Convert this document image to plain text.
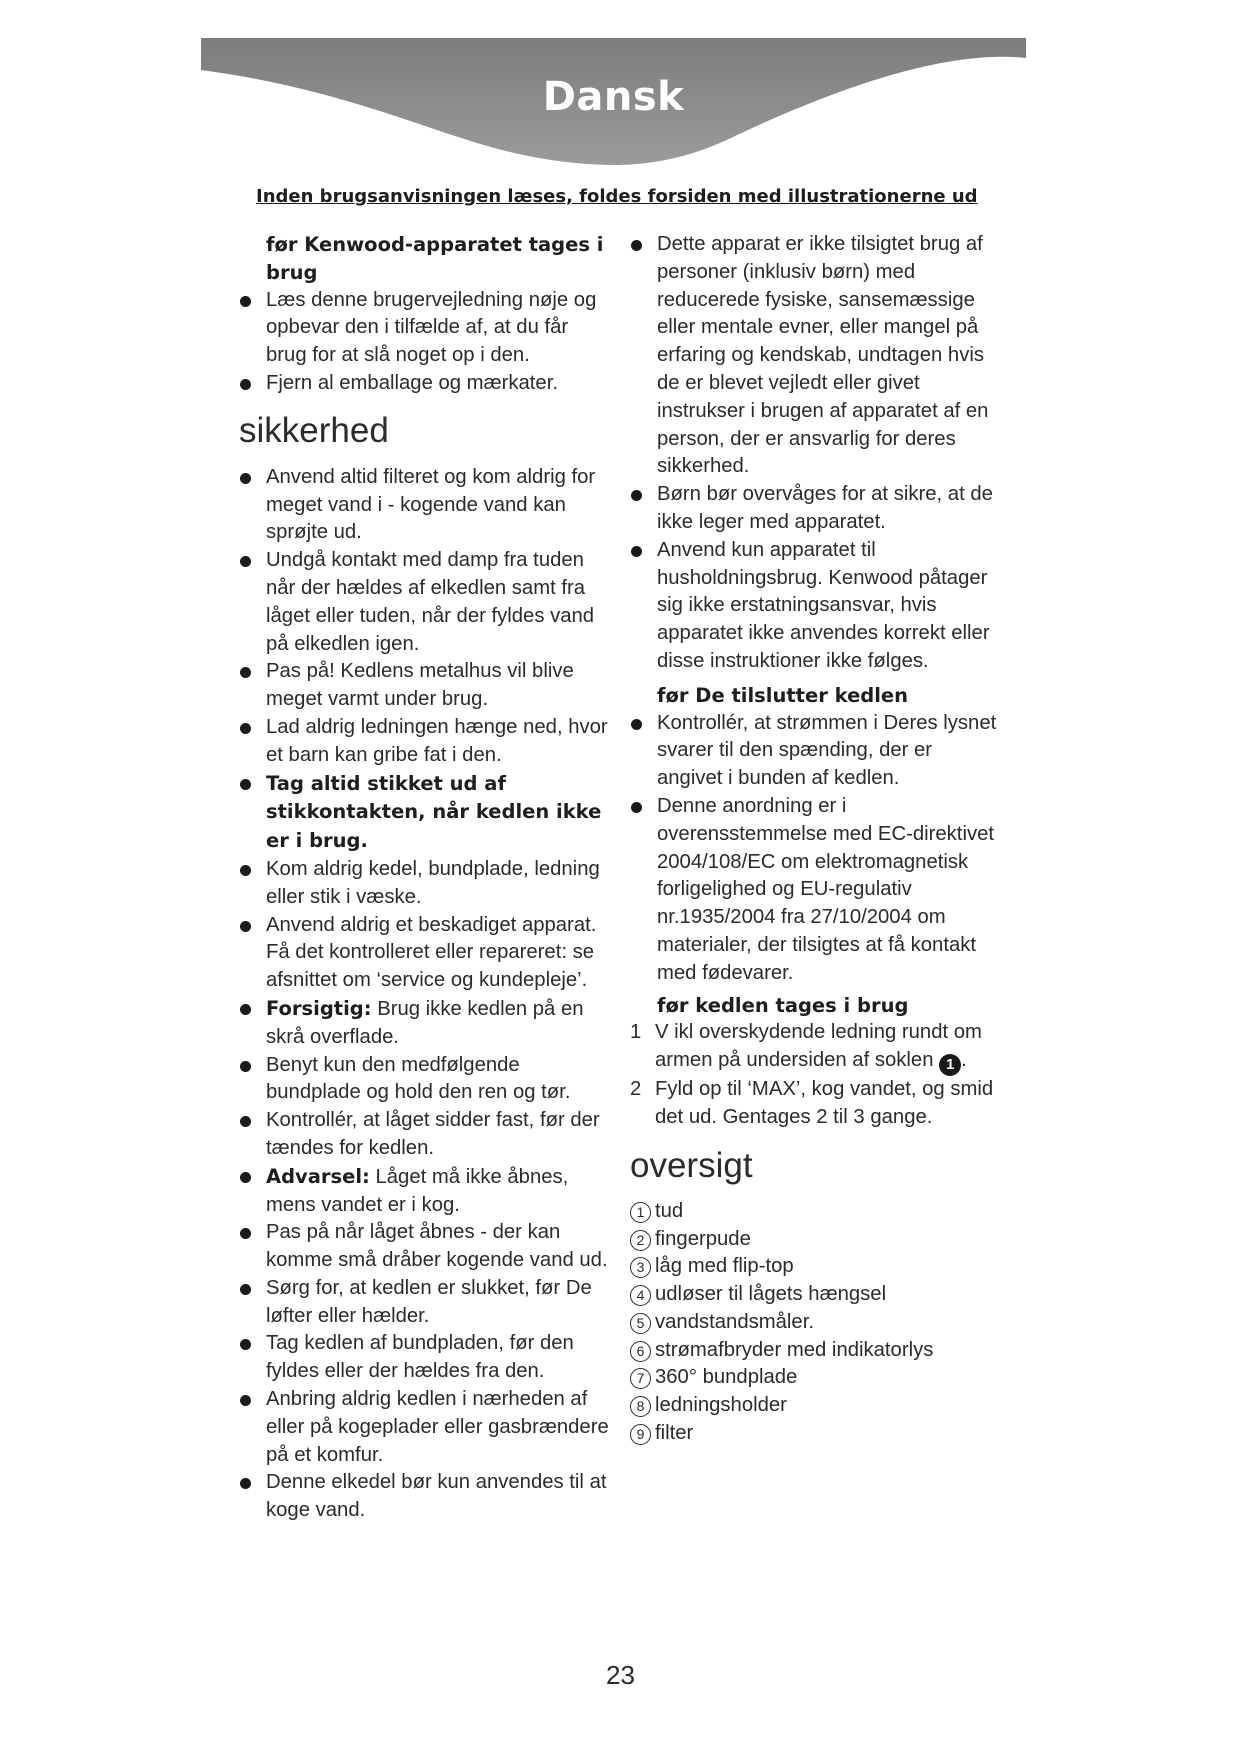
Dansk
Inden brugsanvisningen læses, foldes forsiden med illustrationerne ud

før Kenwood-apparatet tages i brug

Læs denne brugervejledning nøje og opbevar den i tilfælde af, at du får brug for at slå noget op i den.
Fjern al emballage og mærkater.
sikkerhed
Anvend altid filteret og kom aldrig for meget vand i - kogende vand kan sprøjte ud.
Undgå kontakt med damp fra tuden når der hældes af elkedlen samt fra låget eller tuden, når der fyldes vand på elkedlen igen.
Pas på! Kedlens metalhus vil blive meget varmt under brug.
Lad aldrig ledningen hænge ned, hvor et barn kan gribe fat i den.
Tag altid stikket ud af stikkontakten, når kedlen ikke er i brug.
Kom aldrig kedel, bundplade, ledning eller stik i væske.
Anvend aldrig et beskadiget apparat. Få det kontrolleret eller repareret: se afsnittet om ‘service og kundepleje’.
Forsigtig: Brug ikke kedlen på en skrå overflade.
Benyt kun den medfølgende bundplade og hold den ren og tør.
Kontrollér, at låget sidder fast, før der tændes for kedlen.
Advarsel: Låget må ikke åbnes, mens vandet er i kog.
Pas på når låget åbnes - der kan komme små dråber kogende vand ud.
Sørg for, at kedlen er slukket, før De løfter eller hælder.
Tag kedlen af bundpladen, før den fyldes eller der hældes fra den.
Anbring aldrig kedlen i nærheden af eller på kogeplader eller gasbrændere på et komfur.
Denne elkedel bør kun anvendes til at koge vand.
Dette apparat er ikke tilsigtet brug af personer (inklusiv børn) med reducerede fysiske, sansemæssige eller mentale evner, eller mangel på erfaring og kendskab, undtagen hvis de er blevet vejledt eller givet instrukser i brugen af apparatet af en person, der er ansvarlig for deres sikkerhed.
Børn bør overvåges for at sikre, at de ikke leger med apparatet.
Anvend kun apparatet til husholdningsbrug. Kenwood påtager sig ikke erstatningsansvar, hvis apparatet ikke anvendes korrekt eller disse instruktioner ikke følges.

før De tilslutter kedlen

Kontrollér, at strømmen i Deres lysnet svarer til den spænding, der er angivet i bunden af kedlen.
Denne anordning er i overensstemmelse med EC-direktivet 2004/108/EC om elektromagnetisk forligelighed og EU-regulativ nr.1935/2004 fra 27/10/2004 om materialer, der tilsigtes at få kontakt med fødevarer.

før kedlen tages i brug

1 V ikl overskydende ledning rundt om armen på undersiden af soklen 1 .
2 Fyld op til ‘MAX’, kog vandet, og smid det ud. Gentages 2 til 3 gange.
oversigt
1 tud
2 fingerpude
3 låg med flip-top
4 udløser til lågets hængsel
5 vandstandsmåler.
6 strømafbryder med indikatorlys
7 360° bundplade
8 ledningsholder
9 filter
23
